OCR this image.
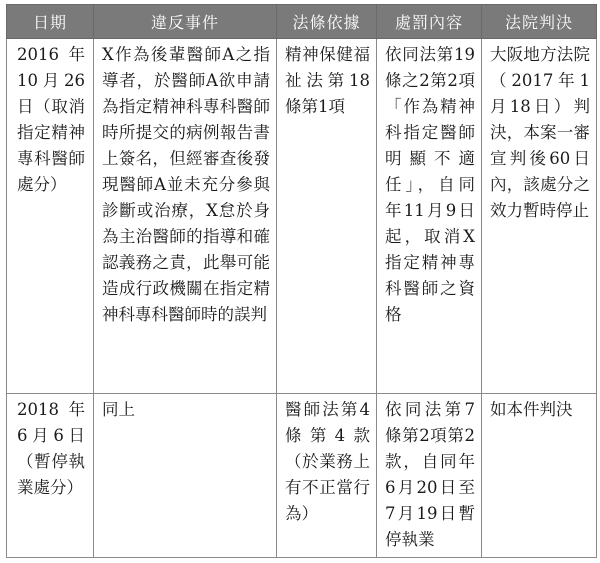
日期	違反事件	法條依據	處罰內容	法院判決
2016年10月26日（取消指定精神專科醫師處分）	X作為後輩醫師A之指導者，於醫師A欲申請為指定精神科專科醫師時所提交的病例報告書上簽名，但經審查後發現醫師A並未充分參與診斷或治療，X怠於身為主治醫師的指導和確認義務之責，此舉可能造成行政機關在指定精神科專科醫師時的誤判	精神保健福祉法第18條第1項	依同法第19條之2第2項「作為精神科指定醫師明顯不適任」，自同年11月9日起，取消X指定精神專科醫師之資格	大阪地方法院（2017年1月18日）判決，本案一審宣判後60日內，該處分之效力暫時停止
2018年6月6日（暫停執業處分）	同上	醫師法第4條第4款（於業務上有不正當行為）	依同法第7條第2項第2款，自同年6月20日至7月19日暫停執業	如本件判決
